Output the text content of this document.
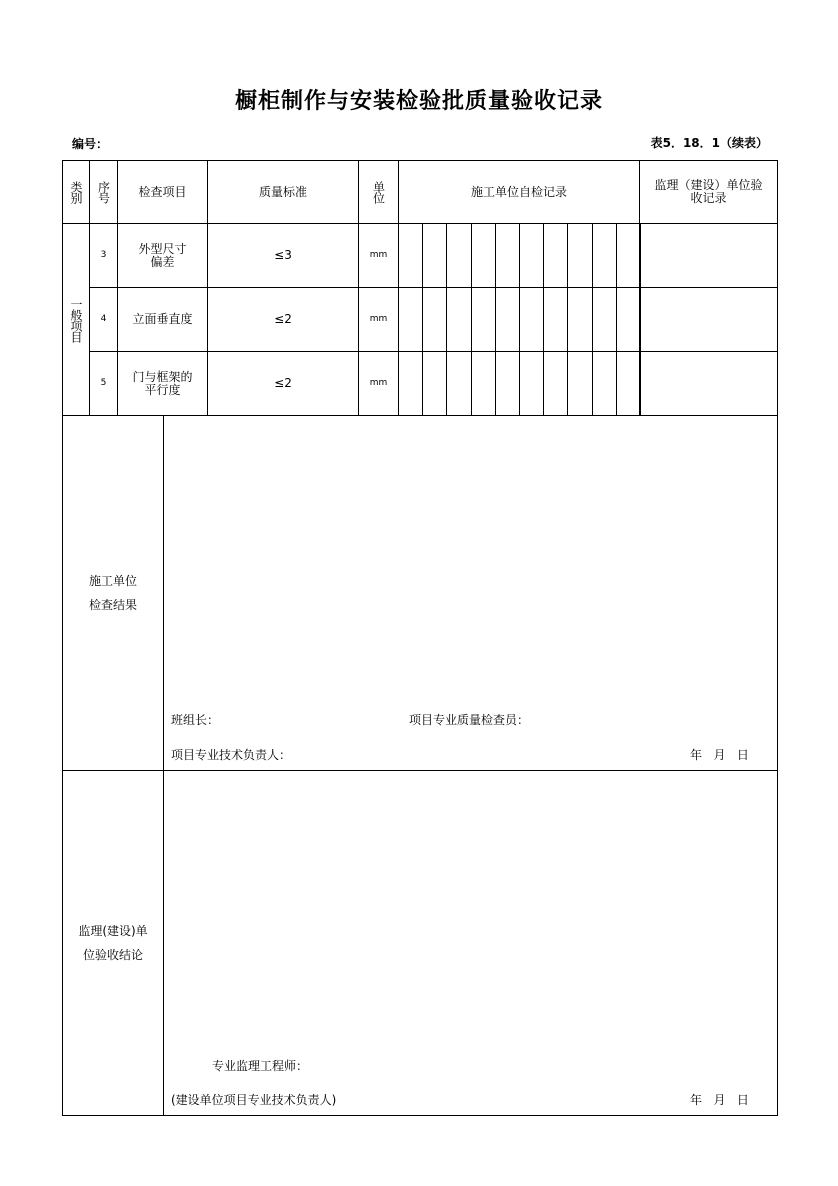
橱柜制作与安装检验批质量验收记录
编号：	表5．18．1（续表）
类别	序号	检查项目	质量标准	单位	施工单位自检记录	监理（建设）单位验收记录
一般项目
3	外型尺寸偏差	≤3	mm
4	立面垂直度	≤2	mm
5	门与框架的平行度	≤2	mm
施工单位
检查结果
班组长：	项目专业质量检查员：
项目专业技术负责人：	年   月   日
监理(建设)单
位验收结论
专业监理工程师：
(建设单位项目专业技术负责人)	年   月   日
